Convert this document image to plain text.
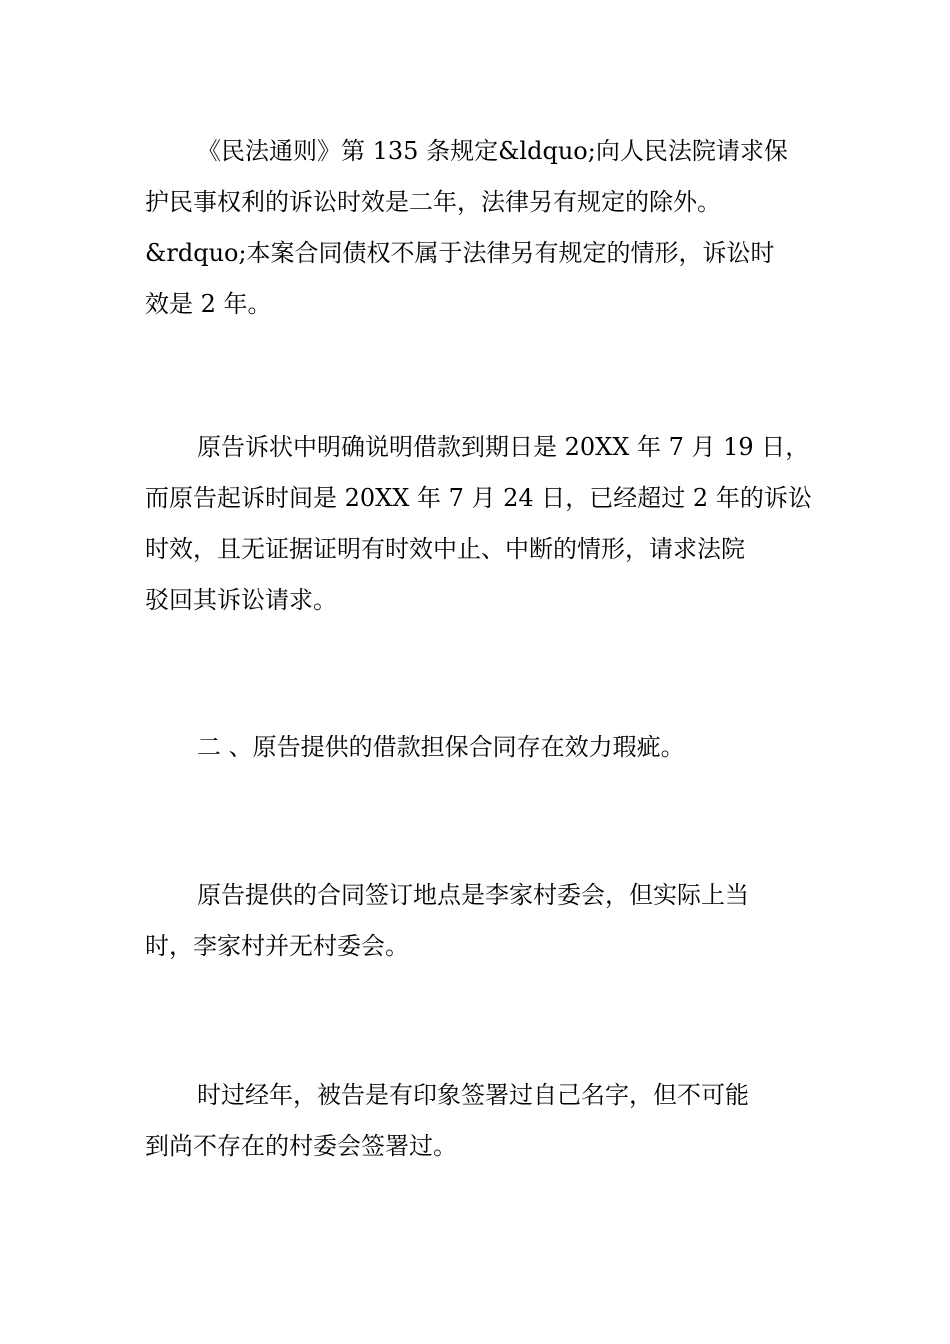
《民法通则》第 135 条规定&ldquo;向人民法院请求保
护民事权利的诉讼时效是二年，法律另有规定的除外。
&rdquo;本案合同债权不属于法律另有规定的情形，诉讼时
效是 2 年。
原告诉状中明确说明借款到期日是 20XX 年 7 月 19 日，
而原告起诉时间是 20XX 年 7 月 24 日，已经超过 2 年的诉讼
时效，且无证据证明有时效中止、中断的情形，请求法院
驳回其诉讼请求。
二 、原告提供的借款担保合同存在效力瑕疵。
原告提供的合同签订地点是李家村委会，但实际上当
时，李家村并无村委会。
时过经年，被告是有印象签署过自己名字，但不可能
到尚不存在的村委会签署过。
